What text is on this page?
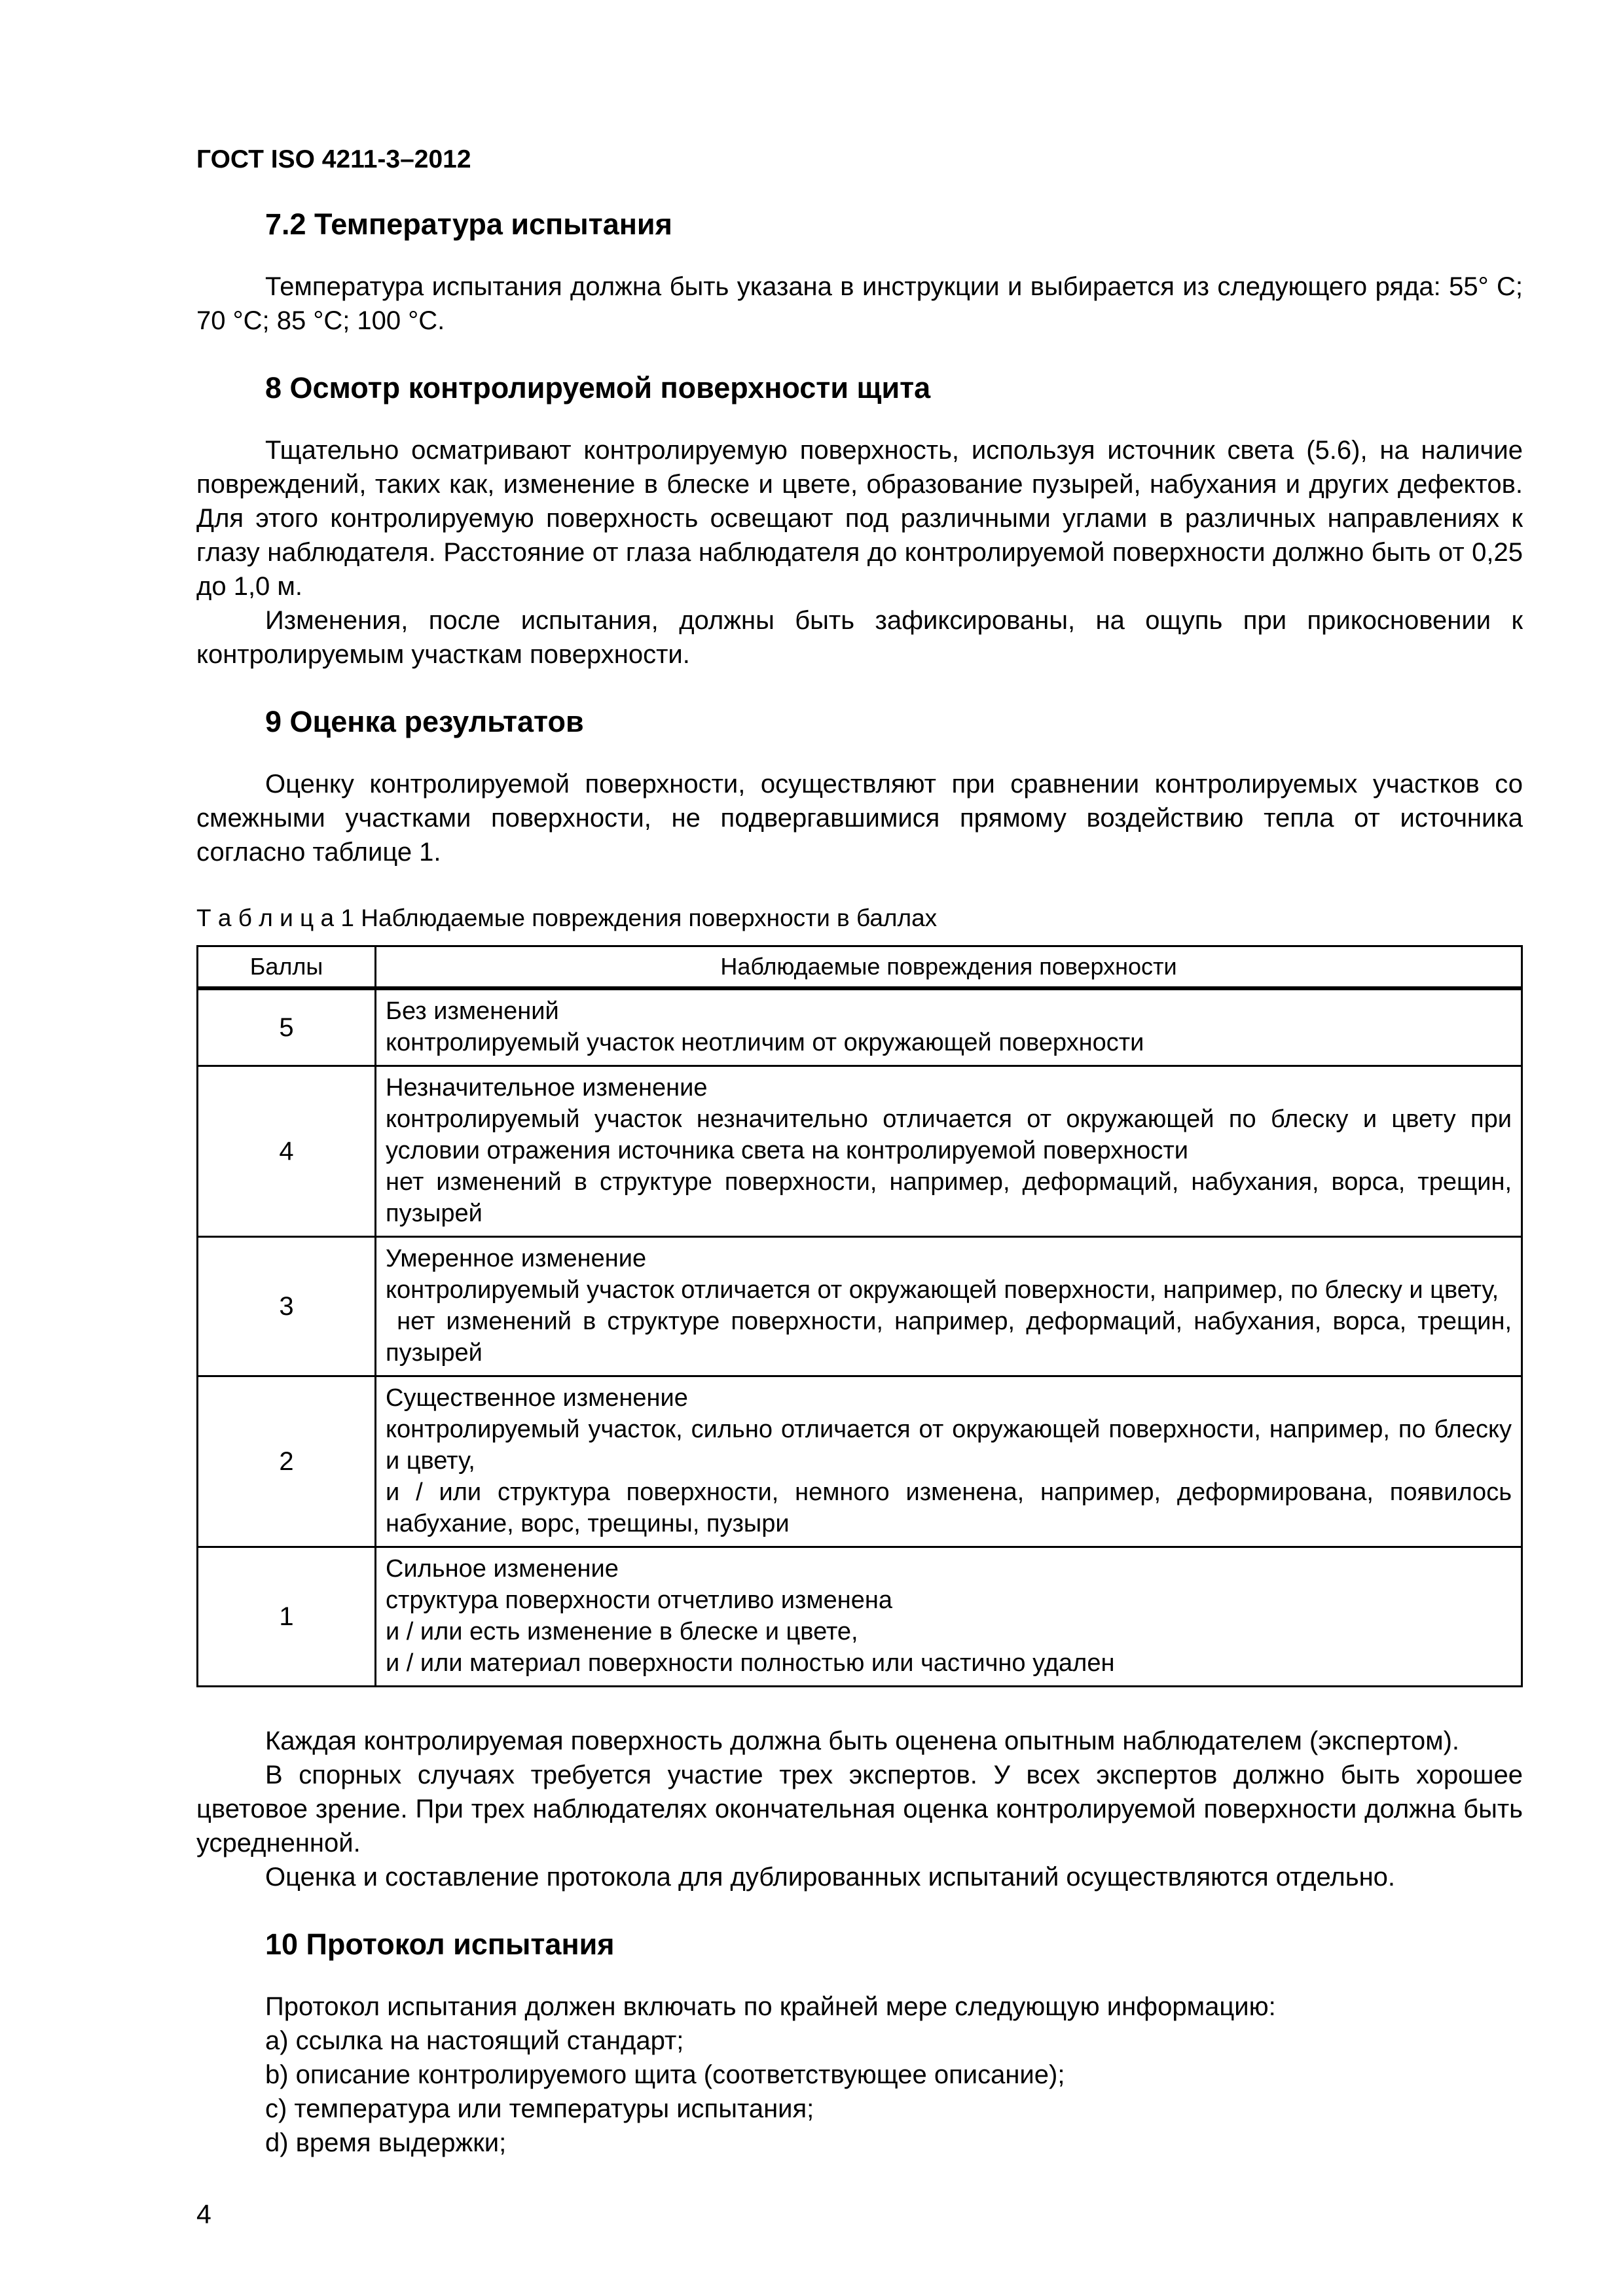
ГОСТ ISO 4211-3–2012
7.2 Температура испытания
Температура испытания должна быть указана в инструкции и выбирается из следующего ряда: 55° С; 70 °С; 85 °С; 100 °С.
8 Осмотр контролируемой поверхности щита
Тщательно осматривают контролируемую поверхность, используя источник света (5.6), на наличие повреждений, таких как, изменение в блеске и цвете, образование пузырей, набухания и других дефектов. Для этого контролируемую поверхность освещают под различными углами в различных направлениях к глазу наблюдателя. Расстояние от глаза наблюдателя до контролируемой поверхности должно быть от 0,25 до 1,0 м.
Изменения, после испытания, должны быть зафиксированы, на ощупь при прикосновении к контролируемым участкам поверхности.
9 Оценка результатов
Оценку контролируемой поверхности, осуществляют при сравнении контролируемых участков со смежными участками поверхности, не подвергавшимися прямому воздействию тепла от источника согласно таблице 1.
Т а б л и ц а 1 Наблюдаемые повреждения поверхности в баллах
Баллы	Наблюдаемые повреждения поверхности
5	Без изменений
контролируемый участок неотличим от окружающей поверхности

4	Незначительное изменение
контролируемый участок незначительно отличается от окружающей по блеску и цвету при условии отражения источника света на контролируемой поверхности
нет изменений в структуре поверхности, например, деформаций, набухания, ворса, трещин, пузырей

3	Умеренное изменение
контролируемый участок отличается от окружающей поверхности, например, по блеску и цвету,
нет изменений в структуре поверхности, например, деформаций, набухания, ворса, трещин, пузырей

2	Существенное изменение
контролируемый участок, сильно отличается от окружающей поверхности, например, по блеску и цвету,
и / или структура поверхности, немного изменена, например, деформирована, появилось набухание, ворс, трещины, пузыри

1	Сильное изменение
структура поверхности отчетливо изменена
и / или есть изменение в блеске и цвете,
и / или материал поверхности полностью или частично удален
Каждая контролируемая поверхность должна быть оценена опытным наблюдателем (экспертом).
В спорных случаях требуется участие трех экспертов. У всех экспертов должно быть хорошее цветовое зрение. При трех наблюдателях окончательная оценка контролируемой поверхности должна быть усредненной.
Оценка и составление протокола для дублированных испытаний осуществляются отдельно.
10 Протокол испытания
Протокол испытания должен включать по крайней мере следующую информацию:
a) ссылка на настоящий стандарт;
b) описание контролируемого щита (соответствующее описание);
c) температура или температуры испытания;
d) время выдержки;
4
